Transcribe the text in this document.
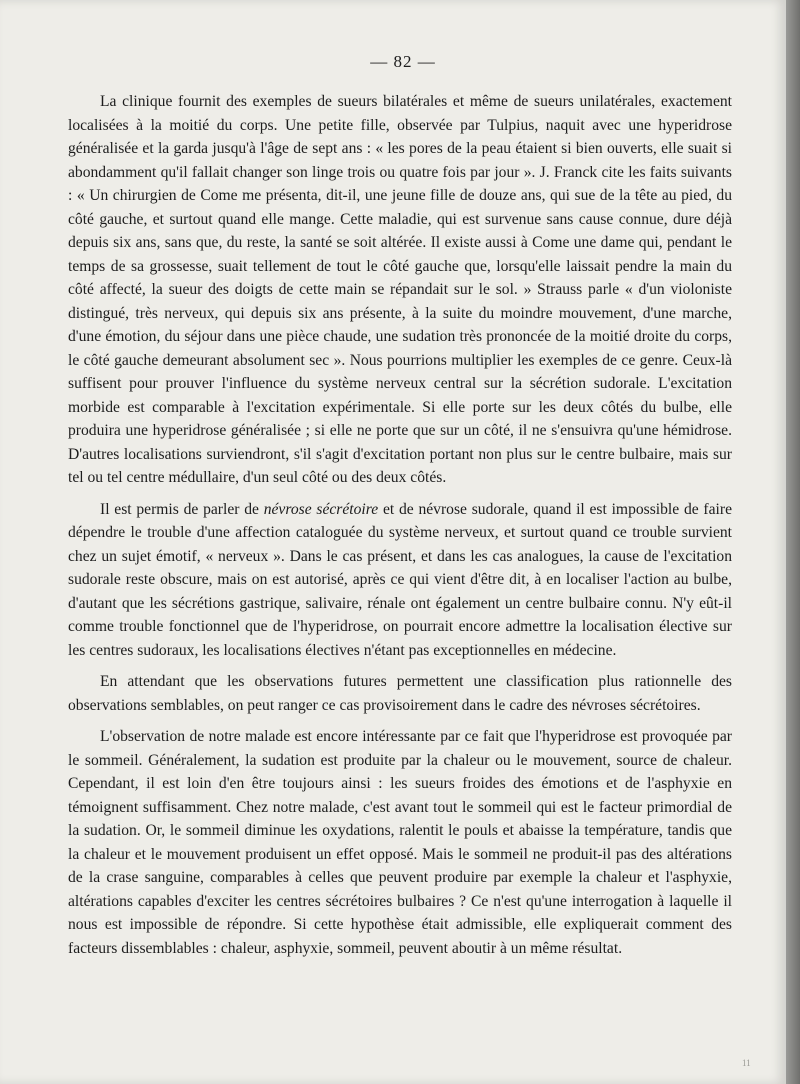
— 82 —

La clinique fournit des exemples de sueurs bilatérales et même de sueurs unilatérales, exactement localisées à la moitié du corps. Une petite fille, observée par Tulpius, naquit avec une hyperidrose généralisée et la garda jusqu'à l'âge de sept ans : « les pores de la peau étaient si bien ouverts, elle suait si abondamment qu'il fallait changer son linge trois ou quatre fois par jour ». J. Franck cite les faits suivants : « Un chirurgien de Come me présenta, dit-il, une jeune fille de douze ans, qui sue de la tête au pied, du côté gauche, et surtout quand elle mange. Cette maladie, qui est survenue sans cause connue, dure déjà depuis six ans, sans que, du reste, la santé se soit altérée. Il existe aussi à Come une dame qui, pendant le temps de sa grossesse, suait tellement de tout le côté gauche que, lorsqu'elle laissait pendre la main du côté affecté, la sueur des doigts de cette main se répandait sur le sol. » Strauss parle « d'un violoniste distingué, très nerveux, qui depuis six ans présente, à la suite du moindre mouvement, d'une marche, d'une émotion, du séjour dans une pièce chaude, une sudation très prononcée de la moitié droite du corps, le côté gauche demeurant absolument sec ». Nous pourrions multiplier les exemples de ce genre. Ceux-là suffisent pour prouver l'influence du système nerveux central sur la sécrétion sudorale. L'excitation morbide est comparable à l'excitation expérimentale. Si elle porte sur les deux côtés du bulbe, elle produira une hyperidrose généralisée ; si elle ne porte que sur un côté, il ne s'ensuivra qu'une hémidrose. D'autres localisations surviendront, s'il s'agit d'excitation portant non plus sur le centre bulbaire, mais sur tel ou tel centre médullaire, d'un seul côté ou des deux côtés.

Il est permis de parler de névrose sécrétoire et de névrose sudorale, quand il est impossible de faire dépendre le trouble d'une affection cataloguée du système nerveux, et surtout quand ce trouble survient chez un sujet émotif, « nerveux ». Dans le cas présent, et dans les cas analogues, la cause de l'excitation sudorale reste obscure, mais on est autorisé, après ce qui vient d'être dit, à en localiser l'action au bulbe, d'autant que les sécrétions gastrique, salivaire, rénale ont également un centre bulbaire connu. N'y eût-il comme trouble fonctionnel que de l'hyperidrose, on pourrait encore admettre la localisation élective sur les centres sudoraux, les localisations électives n'étant pas exceptionnelles en médecine.

En attendant que les observations futures permettent une classification plus rationnelle des observations semblables, on peut ranger ce cas provisoirement dans le cadre des névroses sécrétoires.

L'observation de notre malade est encore intéressante par ce fait que l'hyperidrose est provoquée par le sommeil. Généralement, la sudation est produite par la chaleur ou le mouvement, source de chaleur. Cependant, il est loin d'en être toujours ainsi : les sueurs froides des émotions et de l'asphyxie en témoignent suffisamment. Chez notre malade, c'est avant tout le sommeil qui est le facteur primordial de la sudation. Or, le sommeil diminue les oxydations, ralentit le pouls et abaisse la température, tandis que la chaleur et le mouvement produisent un effet opposé. Mais le sommeil ne produit-il pas des altérations de la crase sanguine, comparables à celles que peuvent produire par exemple la chaleur et l'asphyxie, altérations capables d'exciter les centres sécrétoires bulbaires ? Ce n'est qu'une interrogation à laquelle il nous est impossible de répondre. Si cette hypothèse était admissible, elle expliquerait comment des facteurs dissemblables : chaleur, asphyxie, sommeil, peuvent aboutir à un même résultat.

11
